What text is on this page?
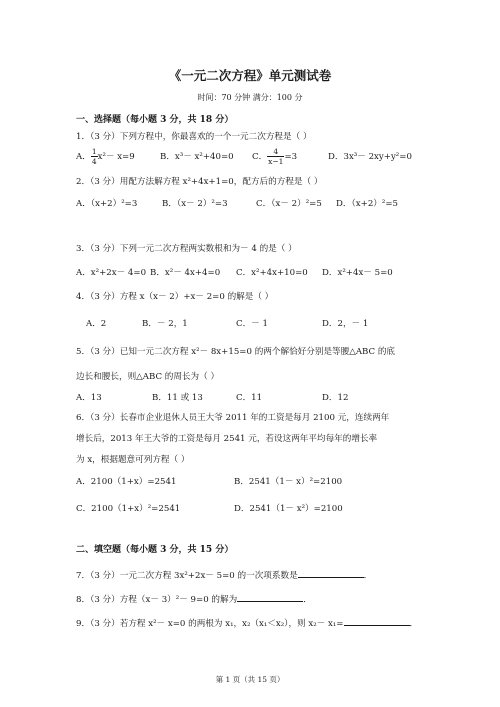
《一元二次方程》单元测试卷
时间：70 分钟 满分：100 分
一、选择题（每小题 3 分，共 18 分）
1．（3 分）下列方程中，你最喜欢的一个一元二次方程是（ ）
A． $\frac{1}{4} x^2- x=9$	B．x³－ x²+40=0 C． $\frac{4}{x-1} =3$	D．3x³－ 2xy+y²=0
2．（3 分）用配方法解方程 x²+4x+1=0，配方后的方程是（ ）
A．（x+2）²=3	B．（x－ 2）²=3	C．（x－ 2）²=5 D．（x+2）²=5
3．（3 分）下列一元二次方程两实数根和为－ 4 的是（ ）
A．x²+2x－ 4=0 B．x²－ 4x+4=0 C．x²+4x+10=0 D．x²+4x－ 5=0
4．（3 分）方程 x（x－ 2）+x－ 2=0 的解是（ ）
A．2	B．－ 2，1	C．－ 1	D．2，－ 1
5．（3 分）已知一元二次方程 x²－ 8x+15=0 的两个解恰好分别是等腰△ABC 的底
边长和腰长，则△ABC 的周长为（ ）
A．13	B．11 或 13	C．11	D．12
6．（3 分）长春市企业退休人员王大爷 2011 年的工资是每月 2100 元，连续两年
增长后，2013 年王大爷的工资是每月 2541 元，若设这两年平均每年的增长率
为 x，根据题意可列方程（ ）
A．2100（1+x）=2541	B．2541（1－ x）²=2100
C．2100（1+x）²=2541	D．2541（1－ x²）=2100
二、填空题（每小题 3 分，共 15 分）
7．（3 分）一元二次方程 3x²+2x－ 5=0 的一次项系数是	．
8．（3 分）方程（x－ 3）²－ 9=0 的解为	．
9．（3 分）若方程 x²－ x=0 的两根为 x₁，x₂（x₁＜x₂），则 x₂－ x₁=	．
第 1 页（共 15 页）
